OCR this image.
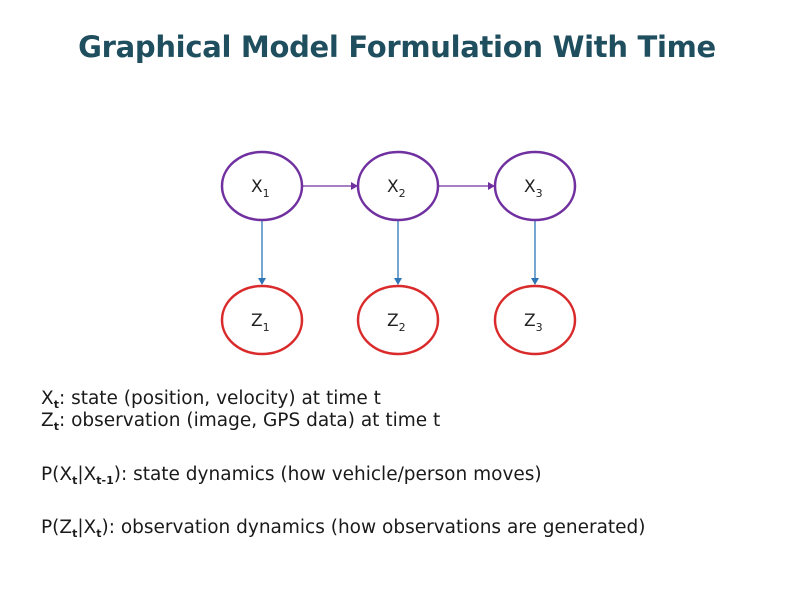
Graphical Model Formulation With Time
$X_1$	$X_2$	$X_3$
$Z_1$	$Z_2$	$Z_3$
$X_t$: state (position, velocity) at time t
$Z_t$: observation (image, GPS data) at time t
$P(X_t|X_{t-1})$: state dynamics (how vehicle/person moves)
$P(Z_t|X_t)$: observation dynamics (how observations are generated)
